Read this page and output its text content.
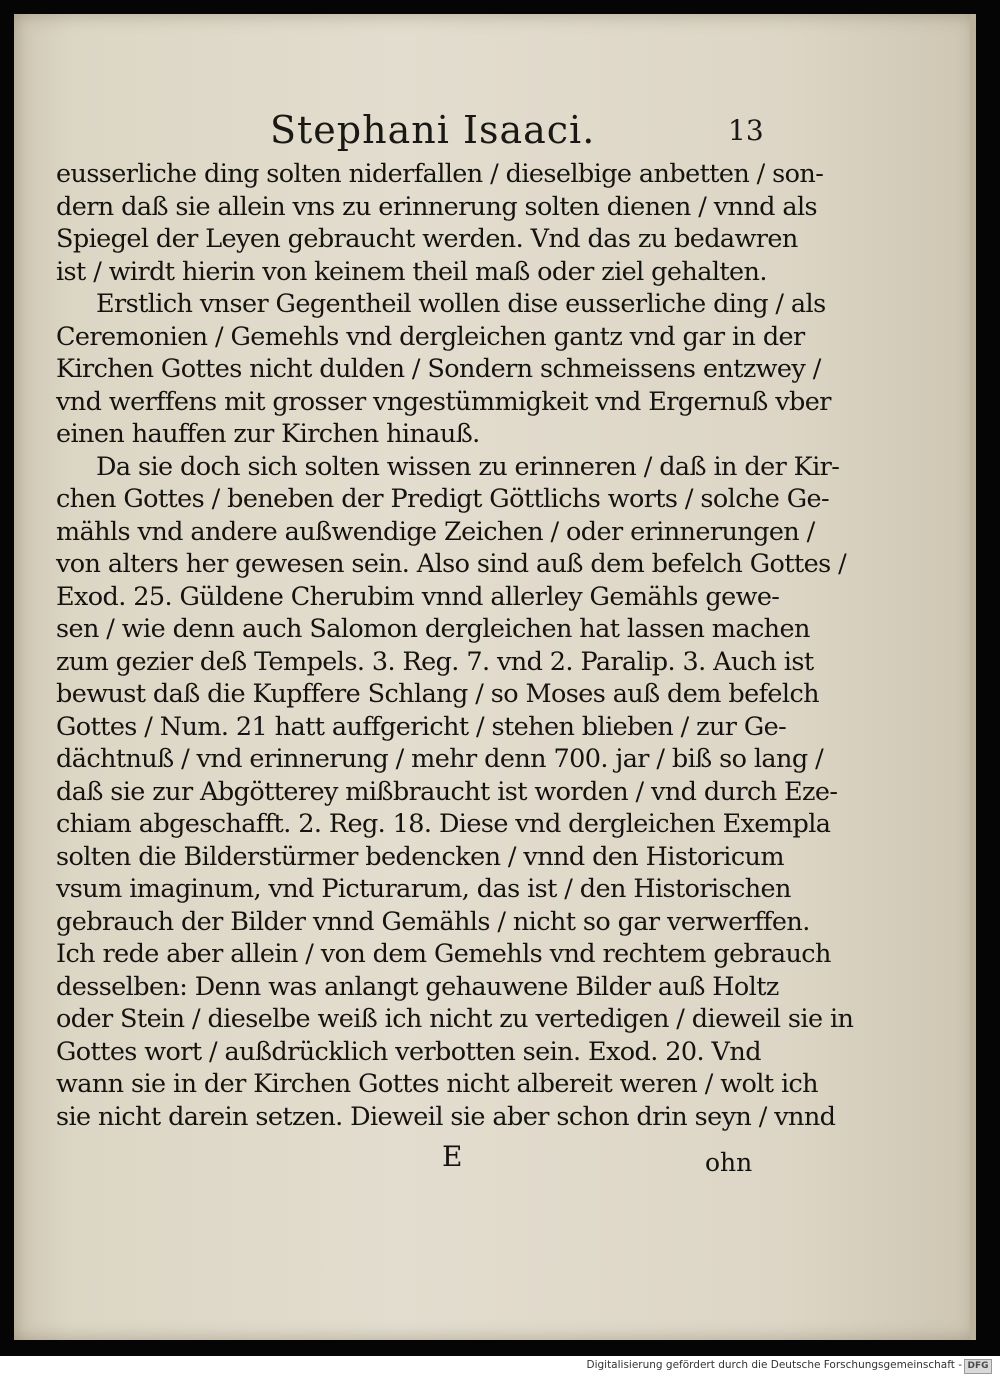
Stephani Isaaci.	13
eusserliche ding solten niderfallen / dieselbige anbetten / son-
dern daß sie allein vns zu erinnerung solten dienen / vnnd als
Spiegel der Leyen gebraucht werden. Vnd das zu bedawren
ist / wirdt hierin von keinem theil maß oder ziel gehalten.
Erstlich vnser Gegentheil wollen dise eusserliche ding / als
Ceremonien / Gemehls vnd dergleichen gantz vnd gar in der
Kirchen Gottes nicht dulden / Sondern schmeissens entzwey /
vnd werffens mit grosser vngestümmigkeit vnd Ergernuß vber
einen hauffen zur Kirchen hinauß.
Da sie doch sich solten wissen zu erinneren / daß in der Kir-
chen Gottes / beneben der Predigt Göttlichs worts / solche Ge-
mähls vnd andere außwendige Zeichen / oder erinnerungen /
von alters her gewesen sein. Also sind auß dem befelch Gottes /
Exod. 25. Güldene Cherubim vnnd allerley Gemähls gewe-
sen / wie denn auch Salomon dergleichen hat lassen machen
zum gezier deß Tempels. 3. Reg. 7. vnd 2. Paralip. 3. Auch ist
bewust daß die Kupffere Schlang / so Moses auß dem befelch
Gottes / Num. 21 hatt auffgericht / stehen blieben / zur Ge-
dächtnuß / vnd erinnerung / mehr denn 700. jar / biß so lang /
daß sie zur Abgötterey mißbraucht ist worden / vnd durch Eze-
chiam abgeschafft. 2. Reg. 18. Diese vnd dergleichen Exempla
solten die Bilderstürmer bedencken / vnnd den Historicum
vsum imaginum, vnd Picturarum, das ist / den Historischen
gebrauch der Bilder vnnd Gemähls / nicht so gar verwerffen.
Ich rede aber allein / von dem Gemehls vnd rechtem gebrauch
desselben: Denn was anlangt gehauwene Bilder auß Holtz
oder Stein / dieselbe weiß ich nicht zu vertedigen / dieweil sie in
Gottes wort / außdrücklich verbotten sein. Exod. 20. Vnd
wann sie in der Kirchen Gottes nicht albereit weren / wolt ich
sie nicht darein setzen. Dieweil sie aber schon drin seyn / vnnd
E	ohn
Digitalisierung gefördert durch die Deutsche Forschungsgemeinschaft - DFG
